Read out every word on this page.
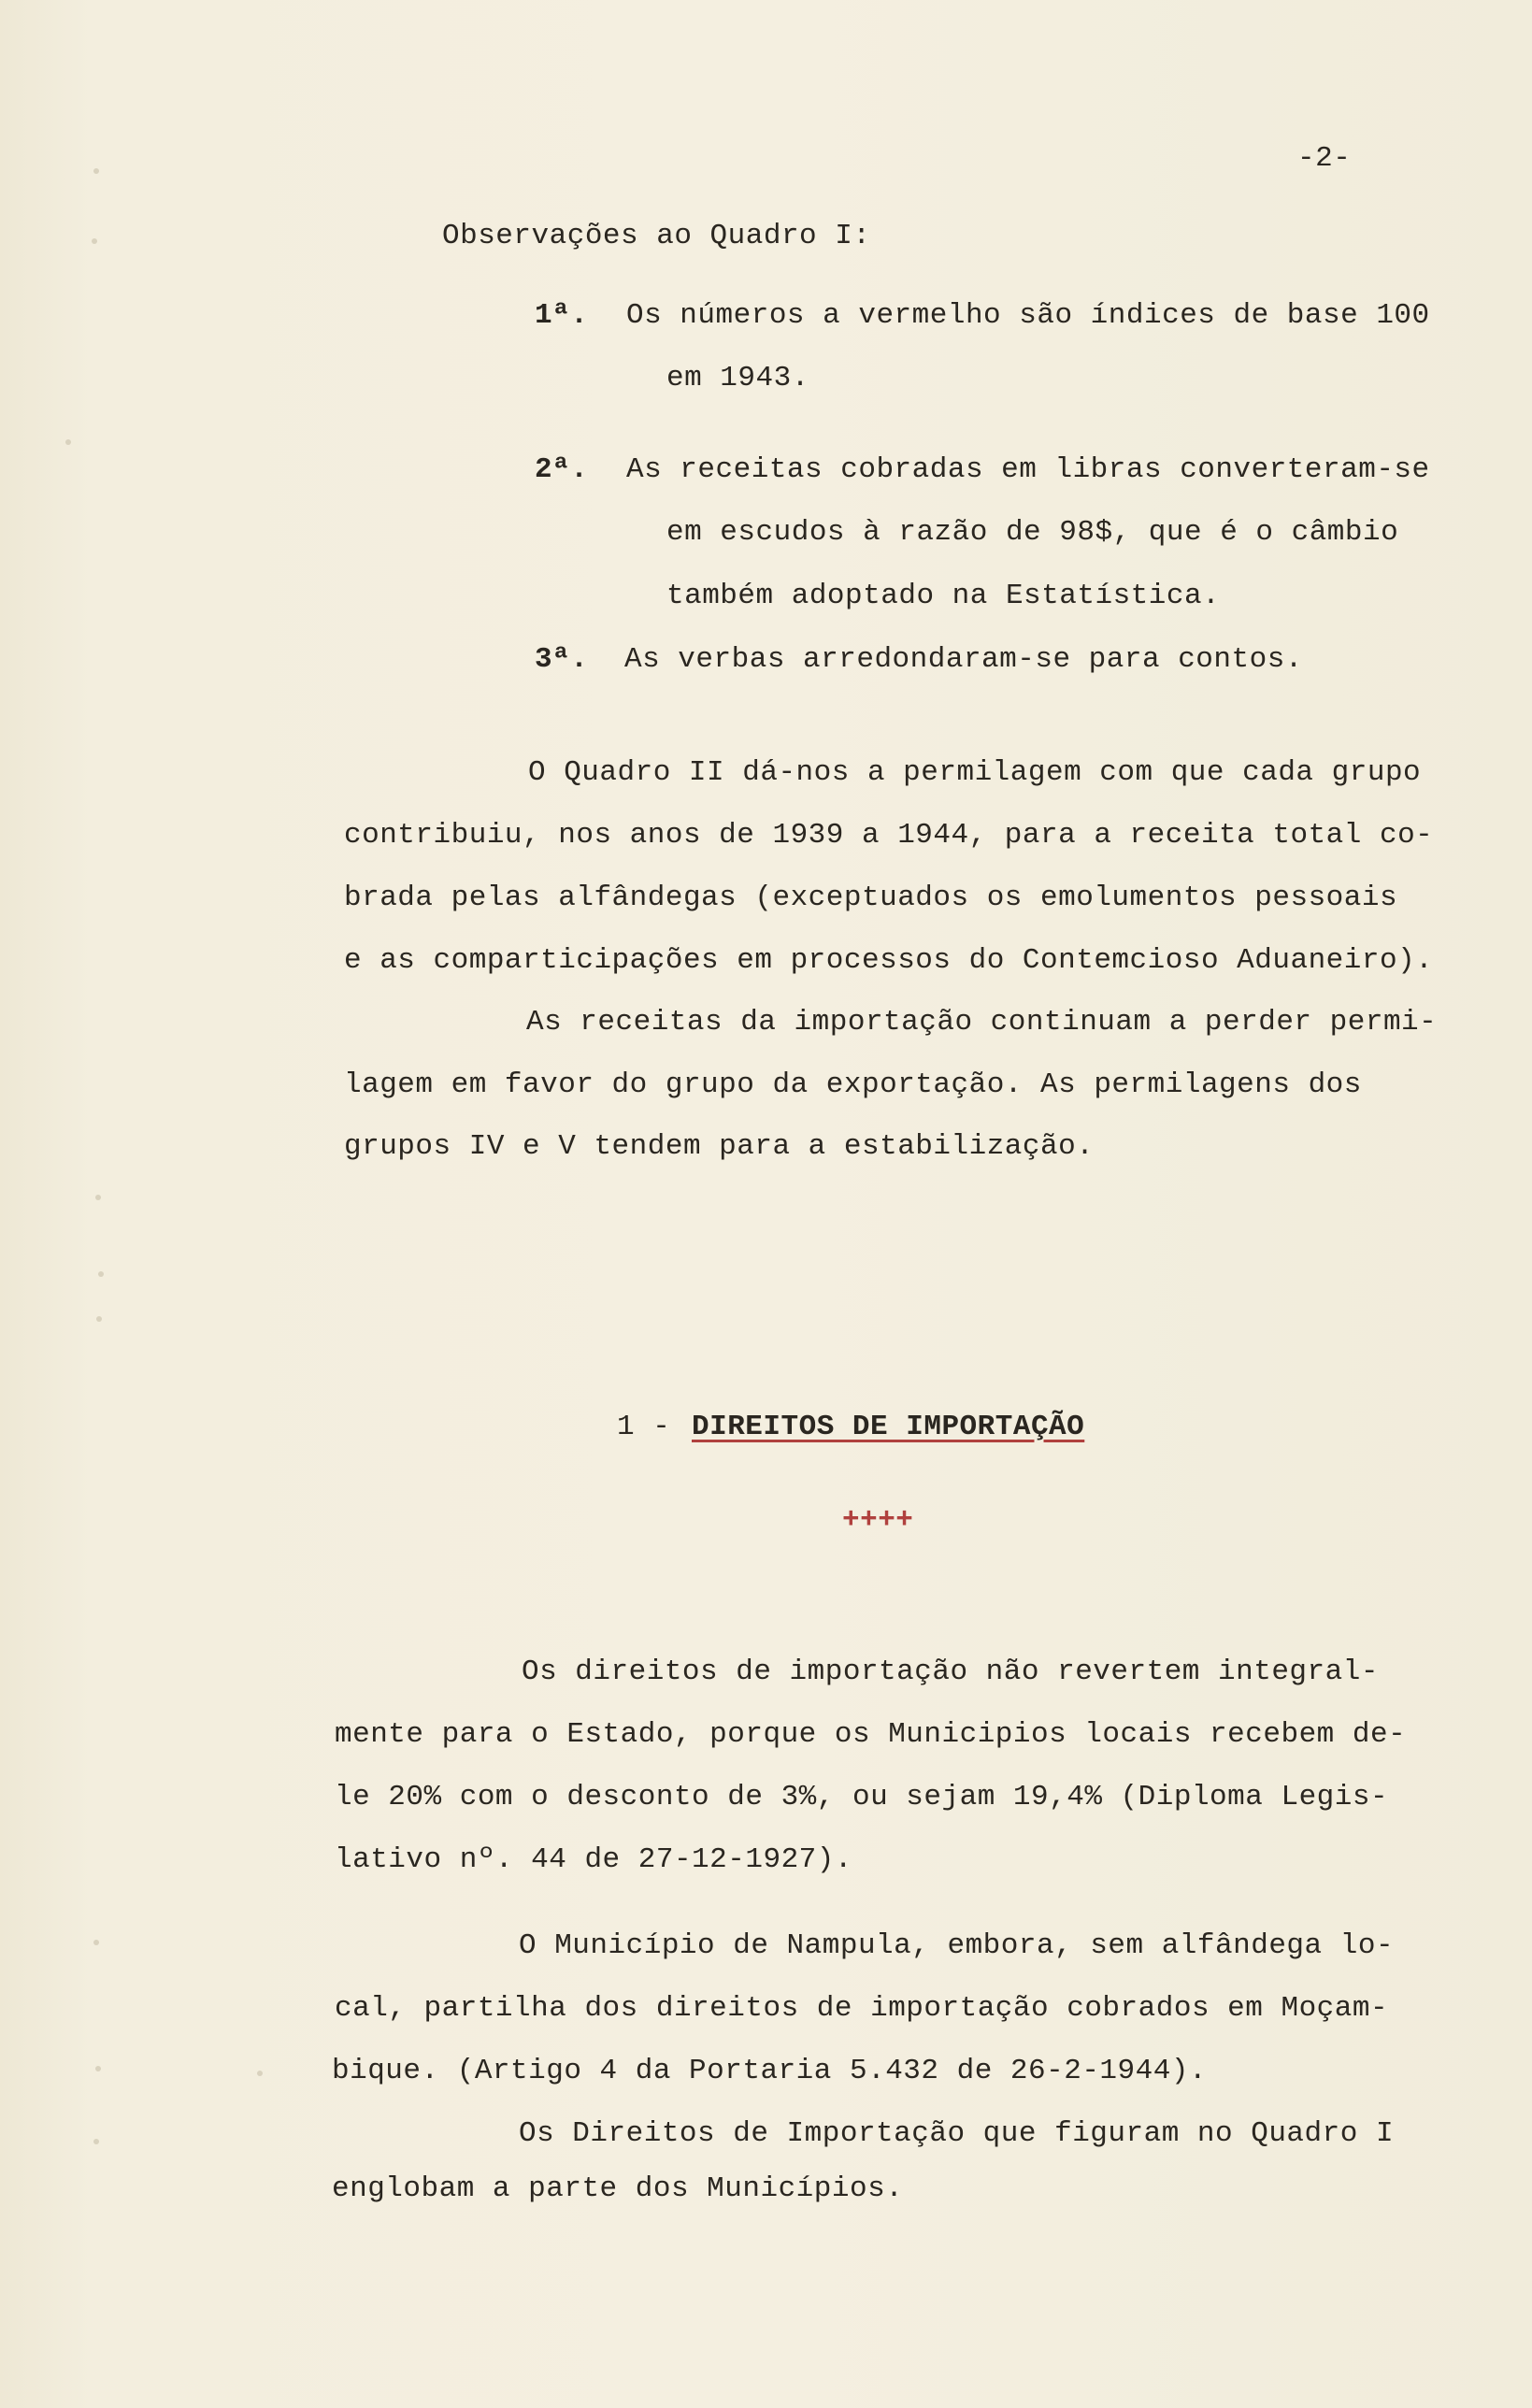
-2-
Observações ao Quadro I:
1ª. Os números a vermelho são índices de base 100
em 1943.
2ª. As receitas cobradas em libras converteram-se
em escudos à razão de 98$, que é o câmbio
também adoptado na Estatística.
3ª. As verbas arredondaram-se para contos.
O Quadro II dá-nos a permilagem com que cada grupo
contribuiu, nos anos de 1939 a 1944, para a receita total co-
brada pelas alfândegas (exceptuados os emolumentos pessoais
e as comparticipações em processos do Contemcioso Aduaneiro).
As receitas da importação continuam a perder permi-
lagem em favor do grupo da exportação. As permilagens dos
grupos IV e V tendem para a estabilização.
1 - DIREITOS DE IMPORTAÇÃO
++++
Os direitos de importação não revertem integral-
mente para o Estado, porque os Municipios locais recebem de-
le 20% com o desconto de 3%, ou sejam 19,4% (Diploma Legis-
lativo nº. 44 de 27-12-1927).
O Município de Nampula, embora, sem alfândega lo-
cal, partilha dos direitos de importação cobrados em Moçam-
bique. (Artigo 4 da Portaria 5.432 de 26-2-1944).
Os Direitos de Importação que figuram no Quadro I
englobam a parte dos Municípios.
